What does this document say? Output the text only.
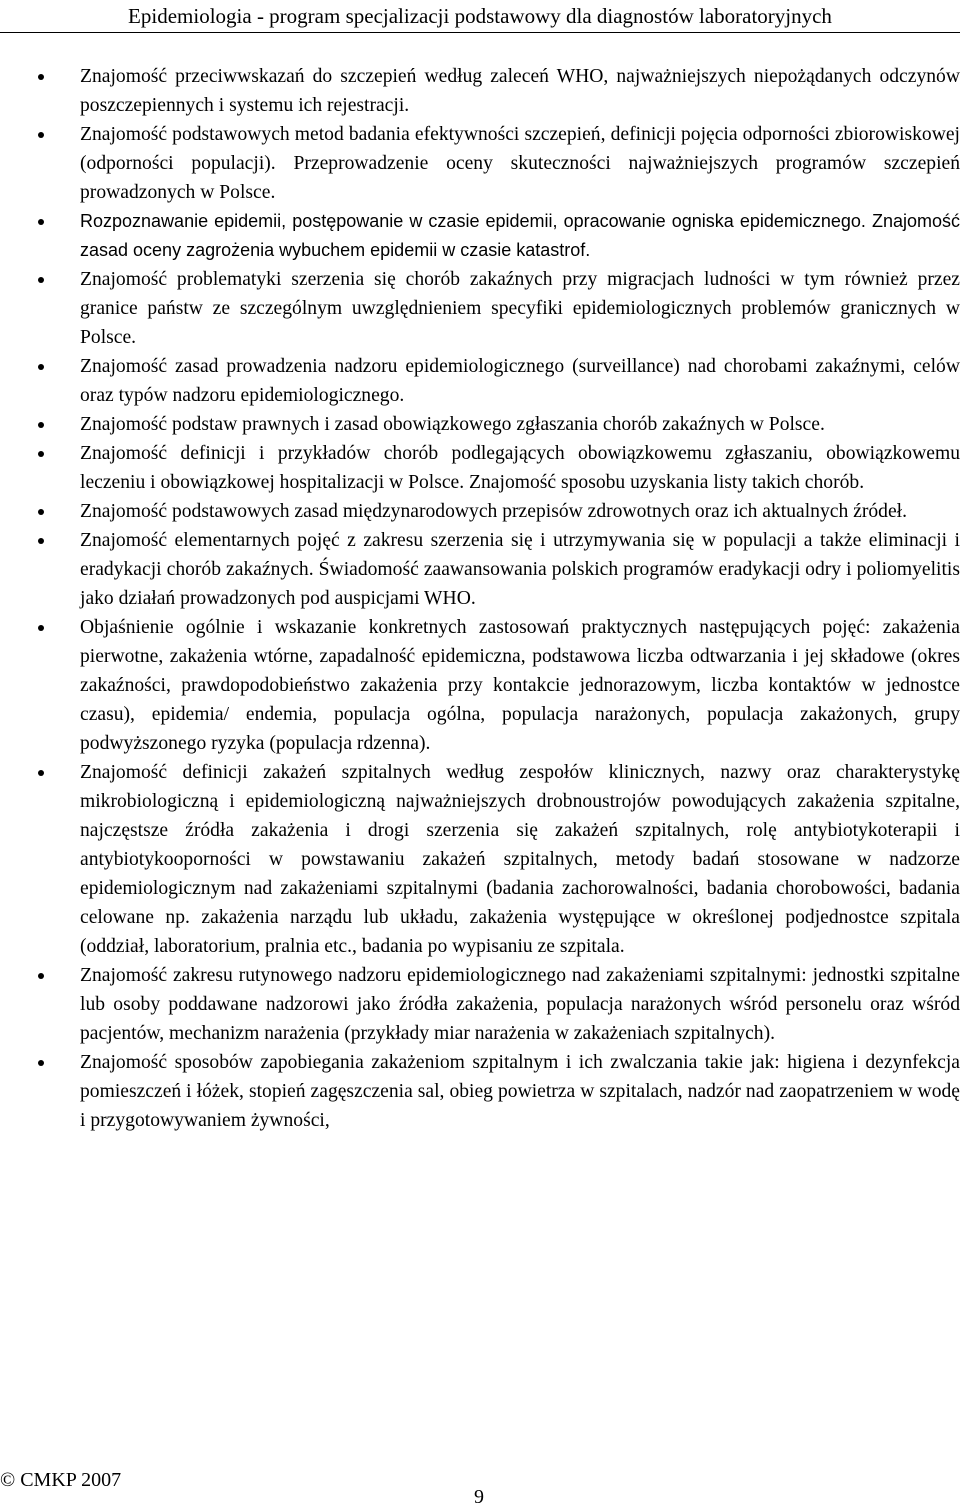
Epidemiologia - program specjalizacji podstawowy dla diagnostów laboratoryjnych
Znajomość przeciwwskazań do szczepień według zaleceń WHO, najważniejszych niepożądanych odczynów poszczepiennych i systemu ich rejestracji.
Znajomość podstawowych metod badania efektywności szczepień, definicji pojęcia odporności zbiorowiskowej (odporności populacji). Przeprowadzenie oceny skuteczności najważniejszych programów szczepień prowadzonych w Polsce.
Rozpoznawanie epidemii, postępowanie w czasie epidemii, opracowanie ogniska epidemicznego. Znajomość zasad oceny zagrożenia wybuchem epidemii w czasie katastrof.
Znajomość problematyki szerzenia się chorób zakaźnych przy migracjach ludności w tym również przez granice państw ze szczególnym uwzględnieniem specyfiki epidemiologicznych problemów granicznych w Polsce.
Znajomość zasad prowadzenia nadzoru epidemiologicznego (surveillance) nad chorobami zakaźnymi, celów oraz typów nadzoru epidemiologicznego.
Znajomość podstaw prawnych i zasad obowiązkowego zgłaszania chorób zakaźnych w Polsce.
Znajomość definicji i przykładów chorób podlegających obowiązkowemu zgłaszaniu, obowiązkowemu leczeniu i obowiązkowej hospitalizacji w Polsce. Znajomość sposobu uzyskania listy takich chorób.
Znajomość podstawowych zasad międzynarodowych przepisów zdrowotnych oraz ich aktualnych źródeł.
Znajomość elementarnych pojęć z zakresu szerzenia się i utrzymywania się w populacji a także eliminacji i eradykacji chorób zakaźnych. Świadomość zaawansowania polskich programów eradykacji odry i poliomyelitis jako działań prowadzonych pod auspicjami WHO.
Objaśnienie ogólnie i wskazanie konkretnych zastosowań praktycznych następujących pojęć: zakażenia pierwotne, zakażenia wtórne, zapadalność epidemiczna, podstawowa liczba odtwarzania i jej składowe (okres zakaźności, prawdopodobieństwo zakażenia przy kontakcie jednorazowym, liczba kontaktów w jednostce czasu), epidemia/ endemia, populacja ogólna, populacja narażonych, populacja zakażonych, grupy podwyższonego ryzyka (populacja rdzenna).
Znajomość definicji zakażeń szpitalnych według zespołów klinicznych, nazwy oraz charakterystykę mikrobiologiczną i epidemiologiczną najważniejszych drobnoustrojów powodujących zakażenia szpitalne, najczęstsze źródła zakażenia i drogi szerzenia się zakażeń szpitalnych, rolę antybiotykoterapii i antybiotykooporności w powstawaniu zakażeń szpitalnych, metody badań stosowane w nadzorze epidemiologicznym nad zakażeniami szpitalnymi (badania zachorowalności, badania chorobowości, badania celowane np. zakażenia narządu lub układu, zakażenia występujące w określonej podjednostce szpitala (oddział, laboratorium, pralnia etc., badania po wypisaniu ze szpitala.
Znajomość zakresu rutynowego nadzoru epidemiologicznego nad zakażeniami szpitalnymi: jednostki szpitalne lub osoby poddawane nadzorowi jako źródła zakażenia, populacja narażonych wśród personelu oraz wśród pacjentów, mechanizm narażenia (przykłady miar narażenia w zakażeniach szpitalnych).
Znajomość sposobów zapobiegania zakażeniom szpitalnym i ich zwalczania takie jak: higiena i dezynfekcja pomieszczeń i łóżek, stopień zagęszczenia sal, obieg powietrza w szpitalach, nadzór nad zaopatrzeniem w wodę i przygotowywaniem żywności,
© CMKP 2007
9
